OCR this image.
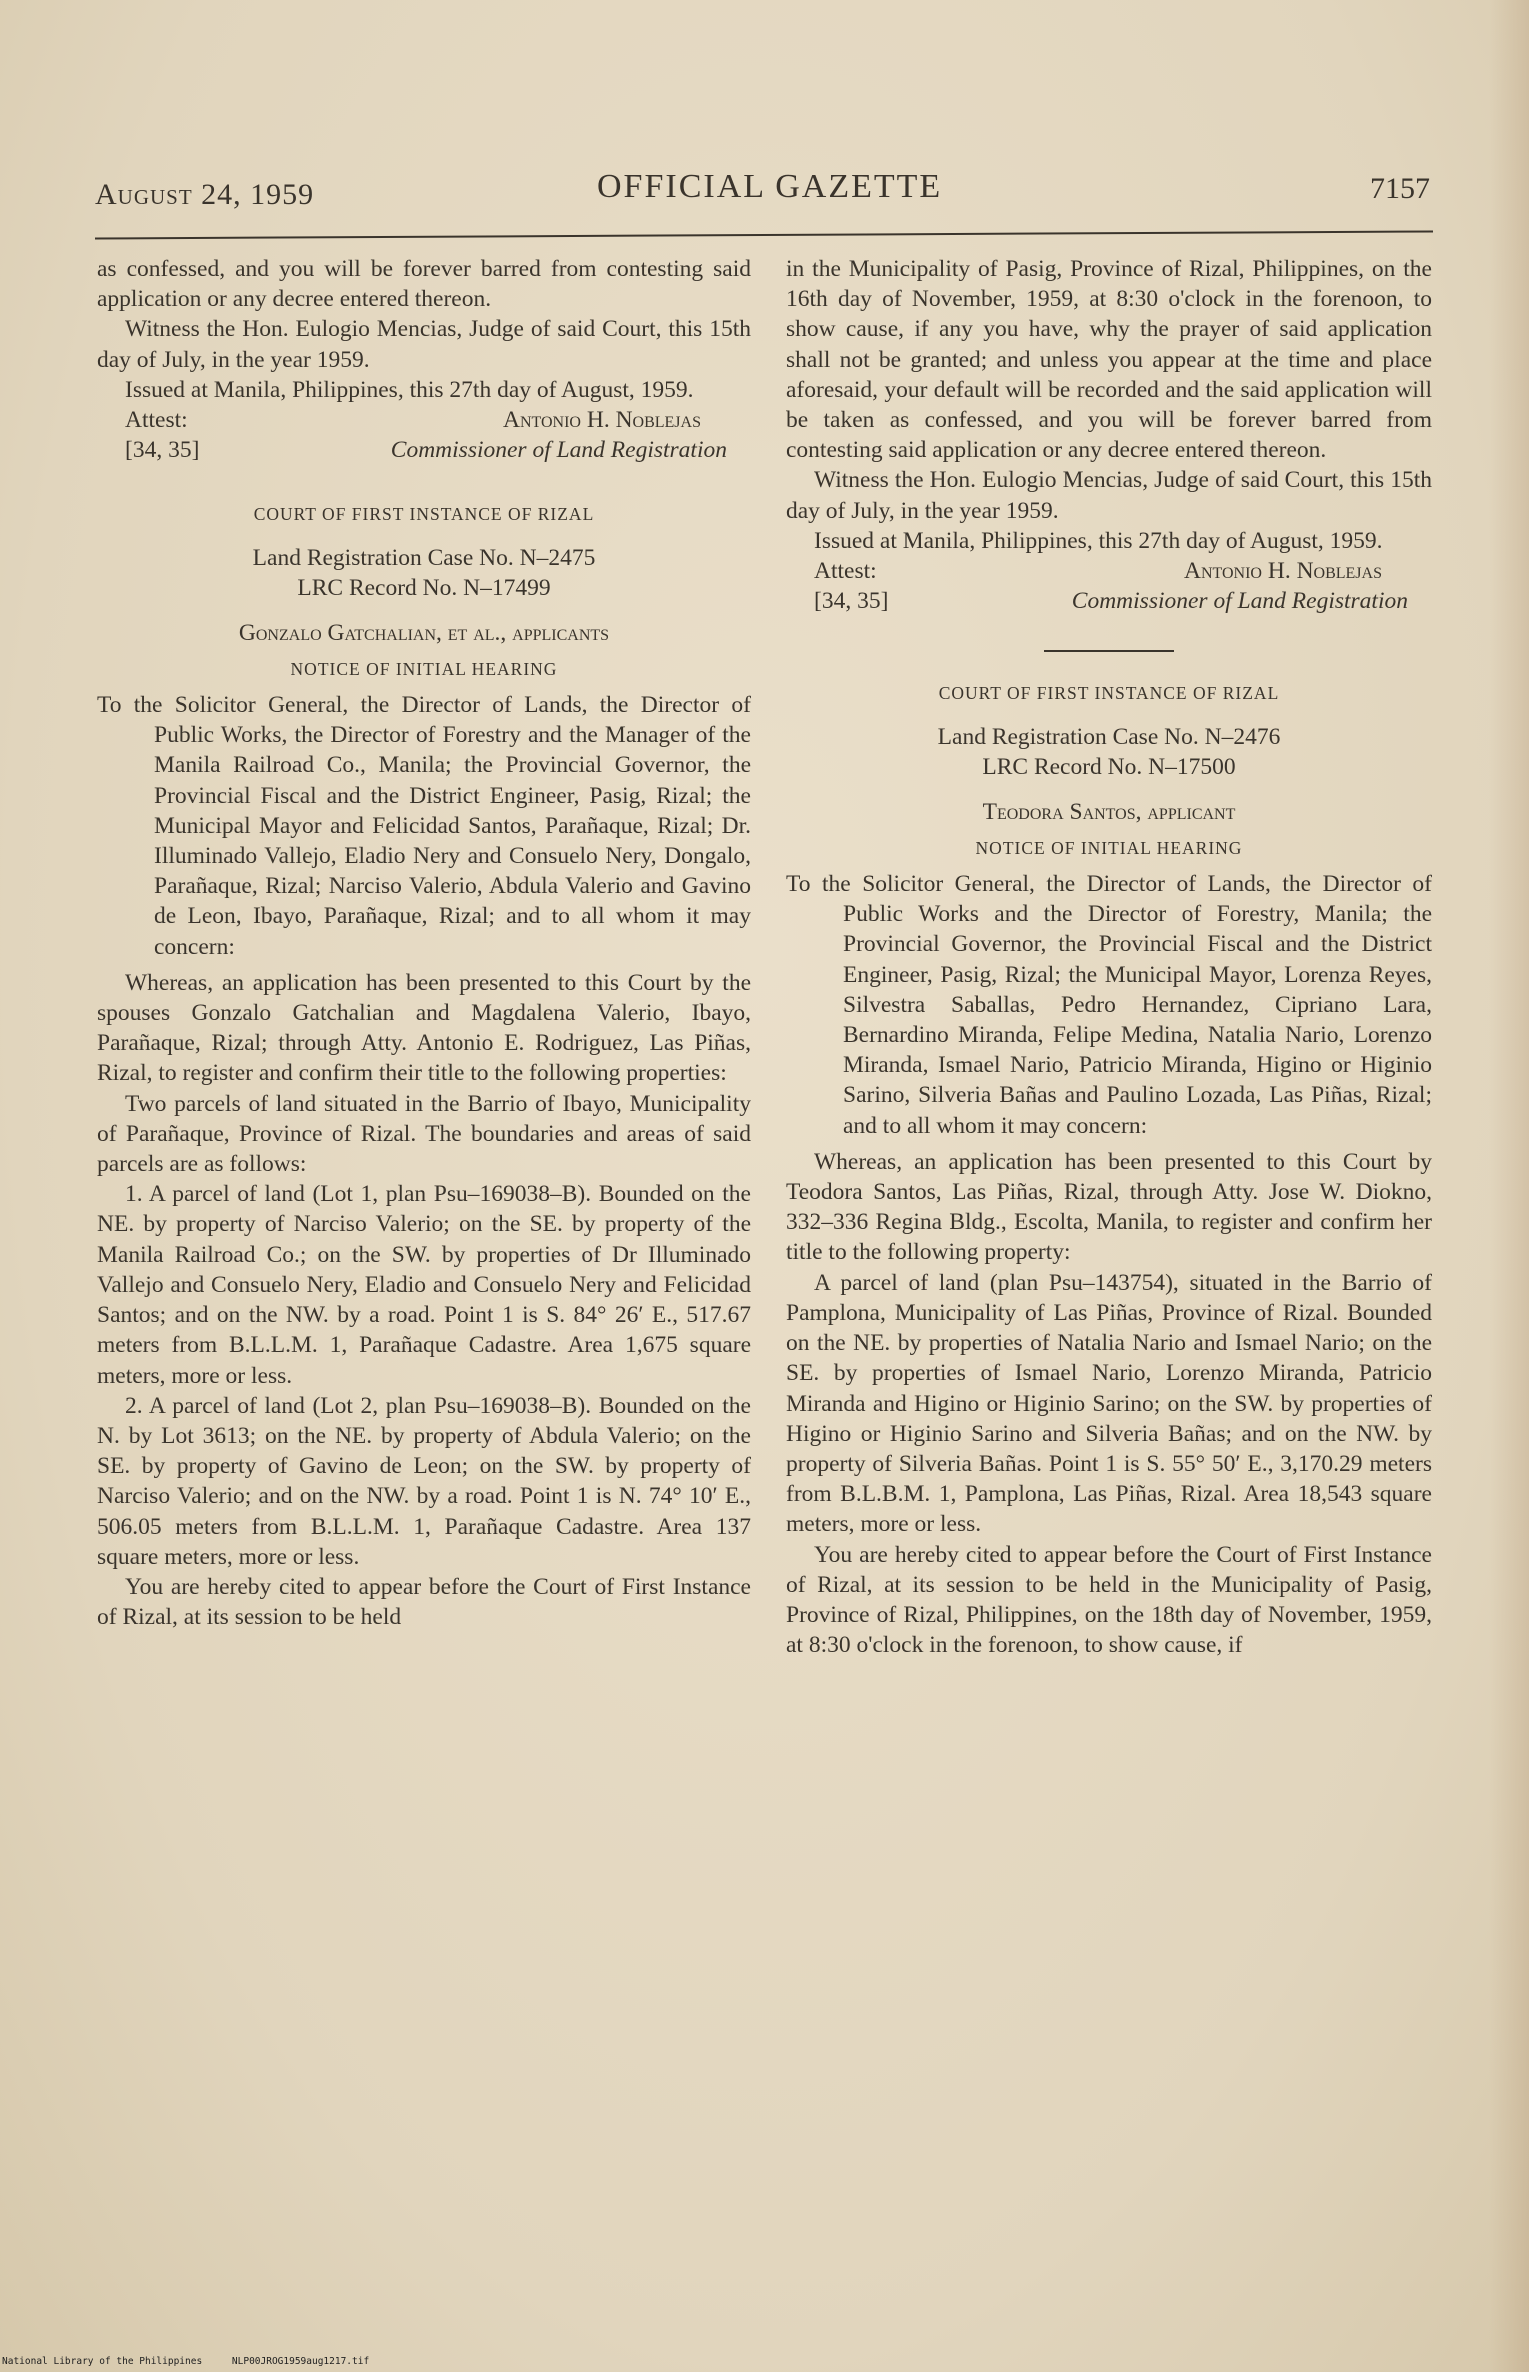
August 24, 1959	OFFICIAL GAZETTE	7157

as confessed, and you will be forever barred from contesting said application or any decree entered thereon.

Witness the Hon. Eulogio Mencias, Judge of said Court, this 15th day of July, in the year 1959.

Issued at Manila, Philippines, this 27th day of August, 1959.

Attest:	Antonio H. Noblejas
[34, 35]	Commissioner of Land Registration
COURT OF FIRST INSTANCE OF RIZAL

Land Registration Case No. N–2475

LRC Record No. N–17499

Gonzalo Gatchalian, et al., applicants

NOTICE OF INITIAL HEARING

To the Solicitor General, the Director of Lands, the Director of Public Works, the Director of Forestry and the Manager of the Manila Railroad Co., Manila; the Provincial Governor, the Provincial Fiscal and the District Engineer, Pasig, Rizal; the Municipal Mayor and Felicidad Santos, Parañaque, Rizal; Dr. Illuminado Vallejo, Eladio Nery and Consuelo Nery, Dongalo, Parañaque, Rizal; Narciso Valerio, Abdula Valerio and Gavino de Leon, Ibayo, Parañaque, Rizal; and to all whom it may concern:

Whereas, an application has been presented to this Court by the spouses Gonzalo Gatchalian and Magdalena Valerio, Ibayo, Parañaque, Rizal; through Atty. Antonio E. Rodriguez, Las Piñas, Rizal, to register and confirm their title to the following properties:

Two parcels of land situated in the Barrio of Ibayo, Municipality of Parañaque, Province of Rizal. The boundaries and areas of said parcels are as follows:

1. A parcel of land (Lot 1, plan Psu–169038–B). Bounded on the NE. by property of Narciso Valerio; on the SE. by property of the Manila Railroad Co.; on the SW. by properties of Dr Illuminado Vallejo and Consuelo Nery, Eladio and Consuelo Nery and Felicidad Santos; and on the NW. by a road. Point 1 is S. 84° 26′ E., 517.67 meters from B.L.L.M. 1, Parañaque Cadastre. Area 1,675 square meters, more or less.

2. A parcel of land (Lot 2, plan Psu–169038–B). Bounded on the N. by Lot 3613; on the NE. by property of Abdula Valerio; on the SE. by property of Gavino de Leon; on the SW. by property of Narciso Valerio; and on the NW. by a road. Point 1 is N. 74° 10′ E., 506.05 meters from B.L.L.M. 1, Parañaque Cadastre. Area 137 square meters, more or less.

You are hereby cited to appear before the Court of First Instance of Rizal, at its session to be held

in the Municipality of Pasig, Province of Rizal, Philippines, on the 16th day of November, 1959, at 8:30 o'clock in the forenoon, to show cause, if any you have, why the prayer of said application shall not be granted; and unless you appear at the time and place aforesaid, your default will be recorded and the said application will be taken as confessed, and you will be forever barred from contesting said application or any decree entered thereon.

Witness the Hon. Eulogio Mencias, Judge of said Court, this 15th day of July, in the year 1959.

Issued at Manila, Philippines, this 27th day of August, 1959.

Attest:	Antonio H. Noblejas
[34, 35]	Commissioner of Land Registration
COURT OF FIRST INSTANCE OF RIZAL

Land Registration Case No. N–2476

LRC Record No. N–17500

Teodora Santos, applicant

NOTICE OF INITIAL HEARING

To the Solicitor General, the Director of Lands, the Director of Public Works and the Director of Forestry, Manila; the Provincial Governor, the Provincial Fiscal and the District Engineer, Pasig, Rizal; the Municipal Mayor, Lorenza Reyes, Silvestra Saballas, Pedro Hernandez, Cipriano Lara, Bernardino Miranda, Felipe Medina, Natalia Nario, Lorenzo Miranda, Ismael Nario, Patricio Miranda, Higino or Higinio Sarino, Silveria Bañas and Paulino Lozada, Las Piñas, Rizal; and to all whom it may concern:

Whereas, an application has been presented to this Court by Teodora Santos, Las Piñas, Rizal, through Atty. Jose W. Diokno, 332–336 Regina Bldg., Escolta, Manila, to register and confirm her title to the following property:

A parcel of land (plan Psu–143754), situated in the Barrio of Pamplona, Municipality of Las Piñas, Province of Rizal. Bounded on the NE. by properties of Natalia Nario and Ismael Nario; on the SE. by properties of Ismael Nario, Lorenzo Miranda, Patricio Miranda and Higino or Higinio Sarino; on the SW. by properties of Higino or Higinio Sarino and Silveria Bañas; and on the NW. by property of Silveria Bañas. Point 1 is S. 55° 50′ E., 3,170.29 meters from B.L.B.M. 1, Pamplona, Las Piñas, Rizal. Area 18,543 square meters, more or less.

You are hereby cited to appear before the Court of First Instance of Rizal, at its session to be held in the Municipality of Pasig, Province of Rizal, Philippines, on the 18th day of November, 1959, at 8:30 o'clock in the forenoon, to show cause, if

National Library of the Philippines	NLP00JROG1959aug1217.tif
